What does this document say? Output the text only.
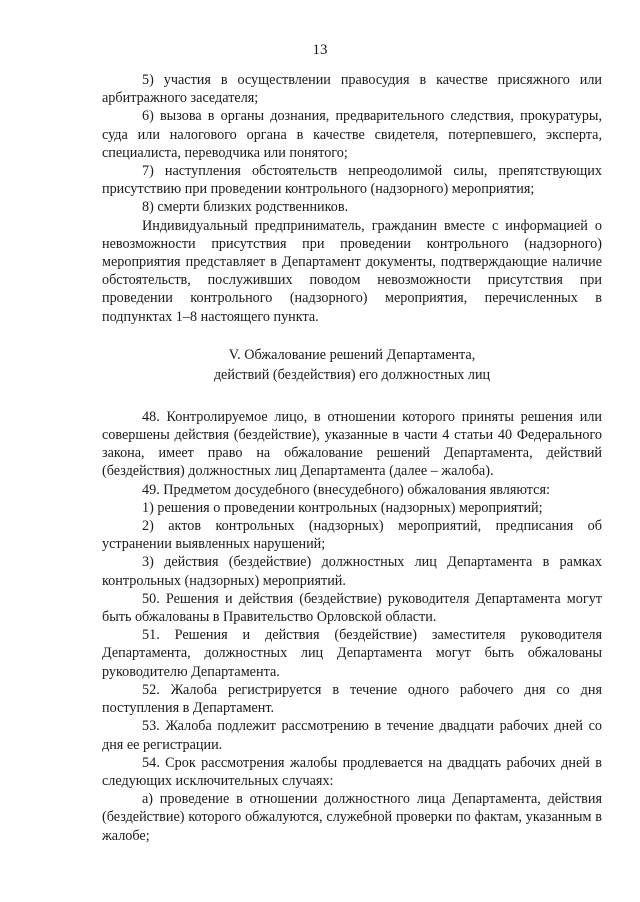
13

5) участия в осуществлении правосудия в качестве присяжного или арбитражного заседателя;

6) вызова в органы дознания, предварительного следствия, прокуратуры, суда или налогового органа в качестве свидетеля, потерпевшего, эксперта, специалиста, переводчика или понятого;

7) наступления обстоятельств непреодолимой силы, препятствующих присутствию при проведении контрольного (надзорного) мероприятия;

8) смерти близких родственников.

Индивидуальный предприниматель, гражданин вместе с информацией о невозможности присутствия при проведении контрольного (надзорного) мероприятия представляет в Департамент документы, подтверждающие наличие обстоятельств, послуживших поводом невозможности присутствия при проведении контрольного (надзорного) мероприятия, перечисленных в подпунктах 1–8 настоящего пункта.

V. Обжалование решений Департамента,
действий (бездействия) его должностных лиц

48. Контролируемое лицо, в отношении которого приняты решения или совершены действия (бездействие), указанные в части 4 статьи 40 Федерального закона, имеет право на обжалование решений Департамента, действий (бездействия) должностных лиц Департамента (далее – жалоба).

49. Предметом досудебного (внесудебного) обжалования являются:

1) решения о проведении контрольных (надзорных) мероприятий;

2) актов контрольных (надзорных) мероприятий, предписания об устранении выявленных нарушений;

3) действия (бездействие) должностных лиц Департамента в рамках контрольных (надзорных) мероприятий.

50. Решения и действия (бездействие) руководителя Департамента могут быть обжалованы в Правительство Орловской области.

51. Решения и действия (бездействие) заместителя руководителя Департамента, должностных лиц Департамента могут быть обжалованы руководителю Департамента.

52. Жалоба регистрируется в течение одного рабочего дня со дня поступления в Департамент.

53. Жалоба подлежит рассмотрению в течение двадцати рабочих дней со дня ее регистрации.

54. Срок рассмотрения жалобы продлевается на двадцать рабочих дней в следующих исключительных случаях:

а) проведение в отношении должностного лица Департамента, действия (бездействие) которого обжалуются, служебной проверки по фактам, указанным в жалобе;
